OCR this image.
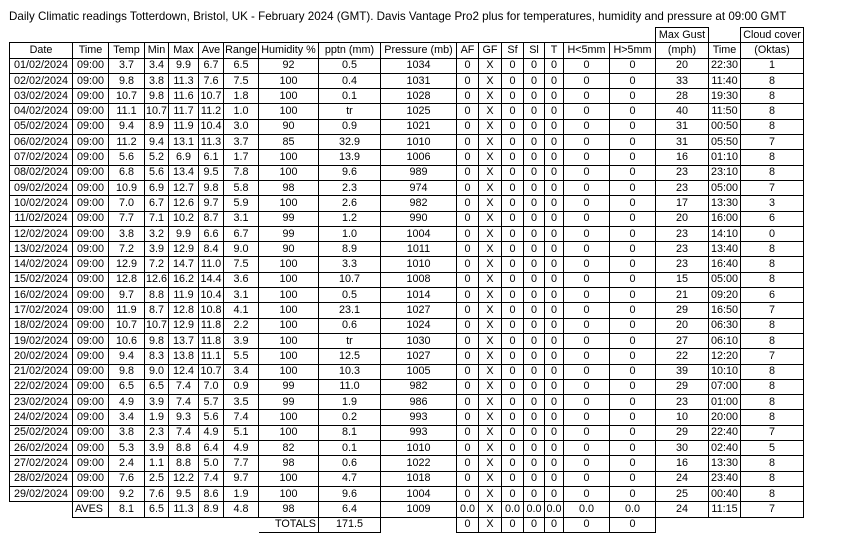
Daily Climatic readings Totterdown, Bristol, UK - February 2024 (GMT). Davis Vantage Pro2 plus for temperatures, humidity and pressure at 09:00 GMT
																	Max Gust		Cloud cover
Date	Time	Temp	Min	Max	Ave	Range	Humidity %	pptn (mm)	Pressure (mb)	AF	GF	Sf	Sl	T	H<5mm	H>5mm	(mph)	Time	(Oktas)
01/02/2024	09:00	3.7	3.4	9.9	6.7	6.5	92	0.5	1034	0	X	0	0	0	0	0	20	22:30	1
02/02/2024	09:00	9.8	3.8	11.3	7.6	7.5	100	0.4	1031	0	X	0	0	0	0	0	33	11:40	8
03/02/2024	09:00	10.7	9.8	11.6	10.7	1.8	100	0.1	1028	0	X	0	0	0	0	0	28	19:30	8
04/02/2024	09:00	11.1	10.7	11.7	11.2	1.0	100	tr	1025	0	X	0	0	0	0	0	40	11:50	8
05/02/2024	09:00	9.4	8.9	11.9	10.4	3.0	90	0.9	1021	0	X	0	0	0	0	0	31	00:50	8
06/02/2024	09:00	11.2	9.4	13.1	11.3	3.7	85	32.9	1010	0	X	0	0	0	0	0	31	05:50	7
07/02/2024	09:00	5.6	5.2	6.9	6.1	1.7	100	13.9	1006	0	X	0	0	0	0	0	16	01:10	8
08/02/2024	09:00	6.8	5.6	13.4	9.5	7.8	100	9.6	989	0	X	0	0	0	0	0	23	23:10	8
09/02/2024	09:00	10.9	6.9	12.7	9.8	5.8	98	2.3	974	0	X	0	0	0	0	0	23	05:00	7
10/02/2024	09:00	7.0	6.7	12.6	9.7	5.9	100	2.6	982	0	X	0	0	0	0	0	17	13:30	3
11/02/2024	09:00	7.7	7.1	10.2	8.7	3.1	99	1.2	990	0	X	0	0	0	0	0	20	16:00	6
12/02/2024	09:00	3.8	3.2	9.9	6.6	6.7	99	1.0	1004	0	X	0	0	0	0	0	23	14:10	0
13/02/2024	09:00	7.2	3.9	12.9	8.4	9.0	90	8.9	1011	0	X	0	0	0	0	0	23	13:40	8
14/02/2024	09:00	12.9	7.2	14.7	11.0	7.5	100	3.3	1010	0	X	0	0	0	0	0	23	16:40	8
15/02/2024	09:00	12.8	12.6	16.2	14.4	3.6	100	10.7	1008	0	X	0	0	0	0	0	15	05:00	8
16/02/2024	09:00	9.7	8.8	11.9	10.4	3.1	100	0.5	1014	0	X	0	0	0	0	0	21	09:20	6
17/02/2024	09:00	11.9	8.7	12.8	10.8	4.1	100	23.1	1027	0	X	0	0	0	0	0	29	16:50	7
18/02/2024	09:00	10.7	10.7	12.9	11.8	2.2	100	0.6	1024	0	X	0	0	0	0	0	20	06:30	8
19/02/2024	09:00	10.6	9.8	13.7	11.8	3.9	100	tr	1030	0	X	0	0	0	0	0	27	06:10	8
20/02/2024	09:00	9.4	8.3	13.8	11.1	5.5	100	12.5	1027	0	X	0	0	0	0	0	22	12:20	7
21/02/2024	09:00	9.8	9.0	12.4	10.7	3.4	100	10.3	1005	0	X	0	0	0	0	0	39	10:10	8
22/02/2024	09:00	6.5	6.5	7.4	7.0	0.9	99	11.0	982	0	X	0	0	0	0	0	29	07:00	8
23/02/2024	09:00	4.9	3.9	7.4	5.7	3.5	99	1.9	986	0	X	0	0	0	0	0	23	01:00	8
24/02/2024	09:00	3.4	1.9	9.3	5.6	7.4	100	0.2	993	0	X	0	0	0	0	0	10	20:00	8
25/02/2024	09:00	3.8	2.3	7.4	4.9	5.1	100	8.1	993	0	X	0	0	0	0	0	29	22:40	7
26/02/2024	09:00	5.3	3.9	8.8	6.4	4.9	82	0.1	1010	0	X	0	0	0	0	0	30	02:40	5
27/02/2024	09:00	2.4	1.1	8.8	5.0	7.7	98	0.6	1022	0	X	0	0	0	0	0	16	13:30	8
28/02/2024	09:00	7.6	2.5	12.2	7.4	9.7	100	4.7	1018	0	X	0	0	0	0	0	24	23:40	8
29/02/2024	09:00	9.2	7.6	9.5	8.6	1.9	100	9.6	1004	0	X	0	0	0	0	0	25	00:40	8
	AVES	8.1	6.5	11.3	8.9	4.8	98	6.4	1009	0.0	X	0.0	0.0	0.0	0.0	0.0	24	11:15	7
							TOTALS	171.5		0	X	0	0	0	0	0			
